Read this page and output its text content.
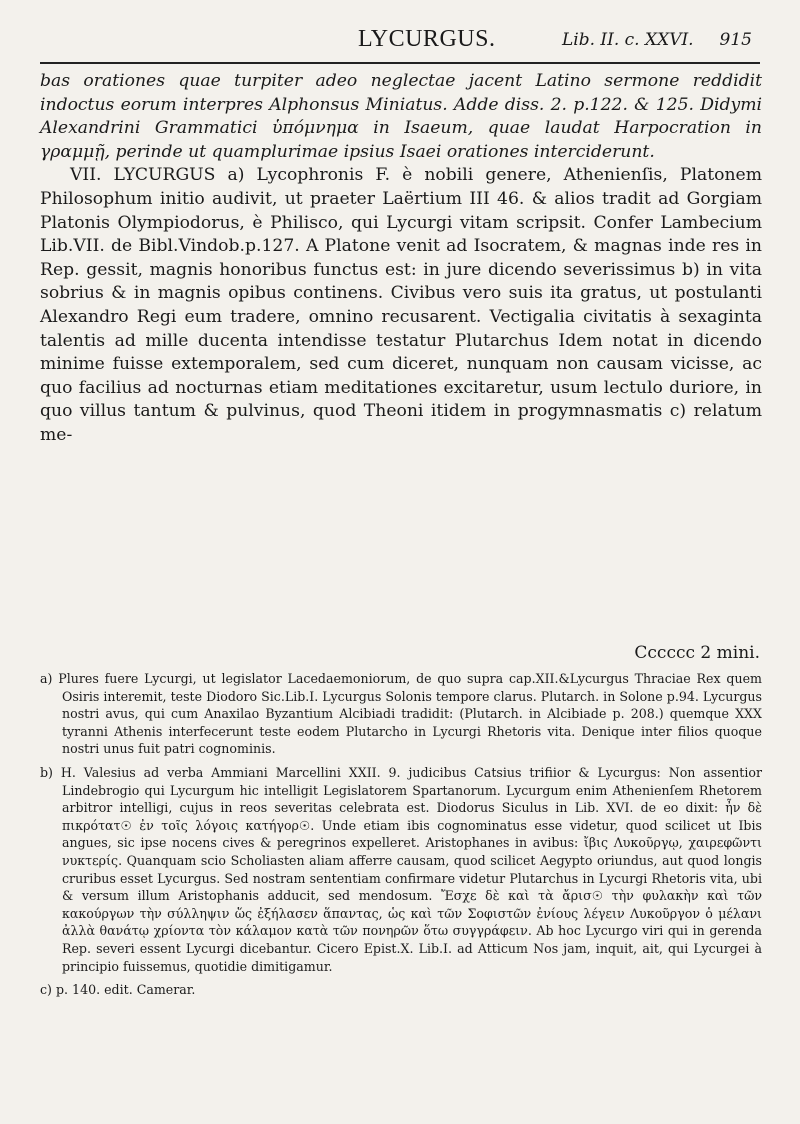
LYCURGUS.	Lib. II. c. XXVI. 915

bas orationes quae turpiter adeo neglectae jacent Latino sermone reddidit indoctus eorum interpres Alphonsus Miniatus. Adde diss. 2. p.122. & 125. Didymi Alexandrini Grammatici ὑπόμνημα in Isaeum, quae laudat Harpocration in γραμμῇ, perinde ut quamplurimae ipsius Isaei orationes interciderunt.

VII. LYCURGUS a) Lycophronis F. è nobili genere, Athenienſis, Platonem Philosophum initio audivit, ut praeter Laërtium III 46. & alios tradit ad Gorgiam Platonis Olympiodorus, è Philisco, qui Lycurgi vitam scripsit. Confer Lambecium Lib.VII. de Bibl.Vindob.p.127. A Platone venit ad Isocratem, & magnas inde res in Rep. gessit, magnis honoribus functus est: in jure dicendo severissimus b) in vita sobrius & in magnis opibus continens. Civibus vero suis ita gratus, ut postulanti Alexandro Regi eum tradere, omnino recusarent. Vectigalia civitatis à sexaginta talentis ad mille ducenta intendisse testatur Plutarchus Idem notat in dicendo minime fuisse extemporalem, sed cum diceret, nunquam non causam vicisse, ac quo facilius ad nocturnas etiam meditationes excitaretur, usum lectulo duriore, in quo villus tantum & pulvinus, quod Theoni itidem in progymnasmatis c) relatum me-

Cccccc 2 mini.

a) Plures fuere Lycurgi, ut legislator Lacedaemoniorum, de quo supra cap.XII.&Lycurgus Thraciae Rex quem Osiris interemit, teste Diodoro Sic.Lib.I. Lycurgus Solonis tempore clarus. Plutarch. in Solone p.94. Lycurgus nostri avus, qui cum Anaxilao Byzantium Alcibiadi tradidit: (Plutarch. in Alcibiade p. 208.) quemque XXX tyranni Athenis interfecerunt teste eodem Plutarcho in Lycurgi Rhetoris vita. Denique inter filios quoque nostri unus fuit patri cognominis.

b) H. Valesius ad verba Ammiani Marcellini XXII. 9. judicibus Catsius trifiior & Lycurgus: Non assentior Lindebrogio qui Lycurgum hic intelligit Legislatorem Spartanorum. Lycurgum enim Athenienſem Rhetorem arbitror intelligi, cujus in reos severitas celebrata est. Diodorus Siculus in Lib. XVI. de eo dixit: ἦν δὲ πικρότατ☉ ἐν τοῖς λόγοις κατήγορ☉. Unde etiam ibis cognominatus esse videtur, quod scilicet ut Ibis angues, sic ipse nocens cives & peregrinos expelleret. Aristophanes in avibus: ἴβις Λυκοῦργῳ, χαιρεφῶντι νυκτερίς. Quanquam scio Scholiasten aliam afferre causam, quod scilicet Aegypto oriundus, aut quod longis cruribus esset Lycurgus. Sed nostram sententiam confirmare videtur Plutarchus in Lycurgi Rhetoris vita, ubi & versum illum Aristophanis adducit, sed mendosum. Ἔσχε δὲ καὶ τὰ ἄρισ☉ τὴν φυλακὴν καὶ τῶν κακούργων τὴν σύλληψιν ὥς ἐξήλασεν ἅπαντας, ὡς καὶ τῶν Σοφιστῶν ἐνίους λέγειν Λυκοῦργον ὁ μέλανι ἀλλὰ θανάτῳ χρίοντα τὸν κάλαμον κατὰ τῶν πονηρῶν ὅτω συγγράφειν. Ab hoc Lycurgo viri qui in gerenda Rep. severi essent Lycurgi dicebantur. Cicero Epist.X. Lib.I. ad Atticum Nos jam, inquit, ait, qui Lycurgei à principio fuissemus, quotidie dimitigamur.

c) p. 140. edit. Camerar.
